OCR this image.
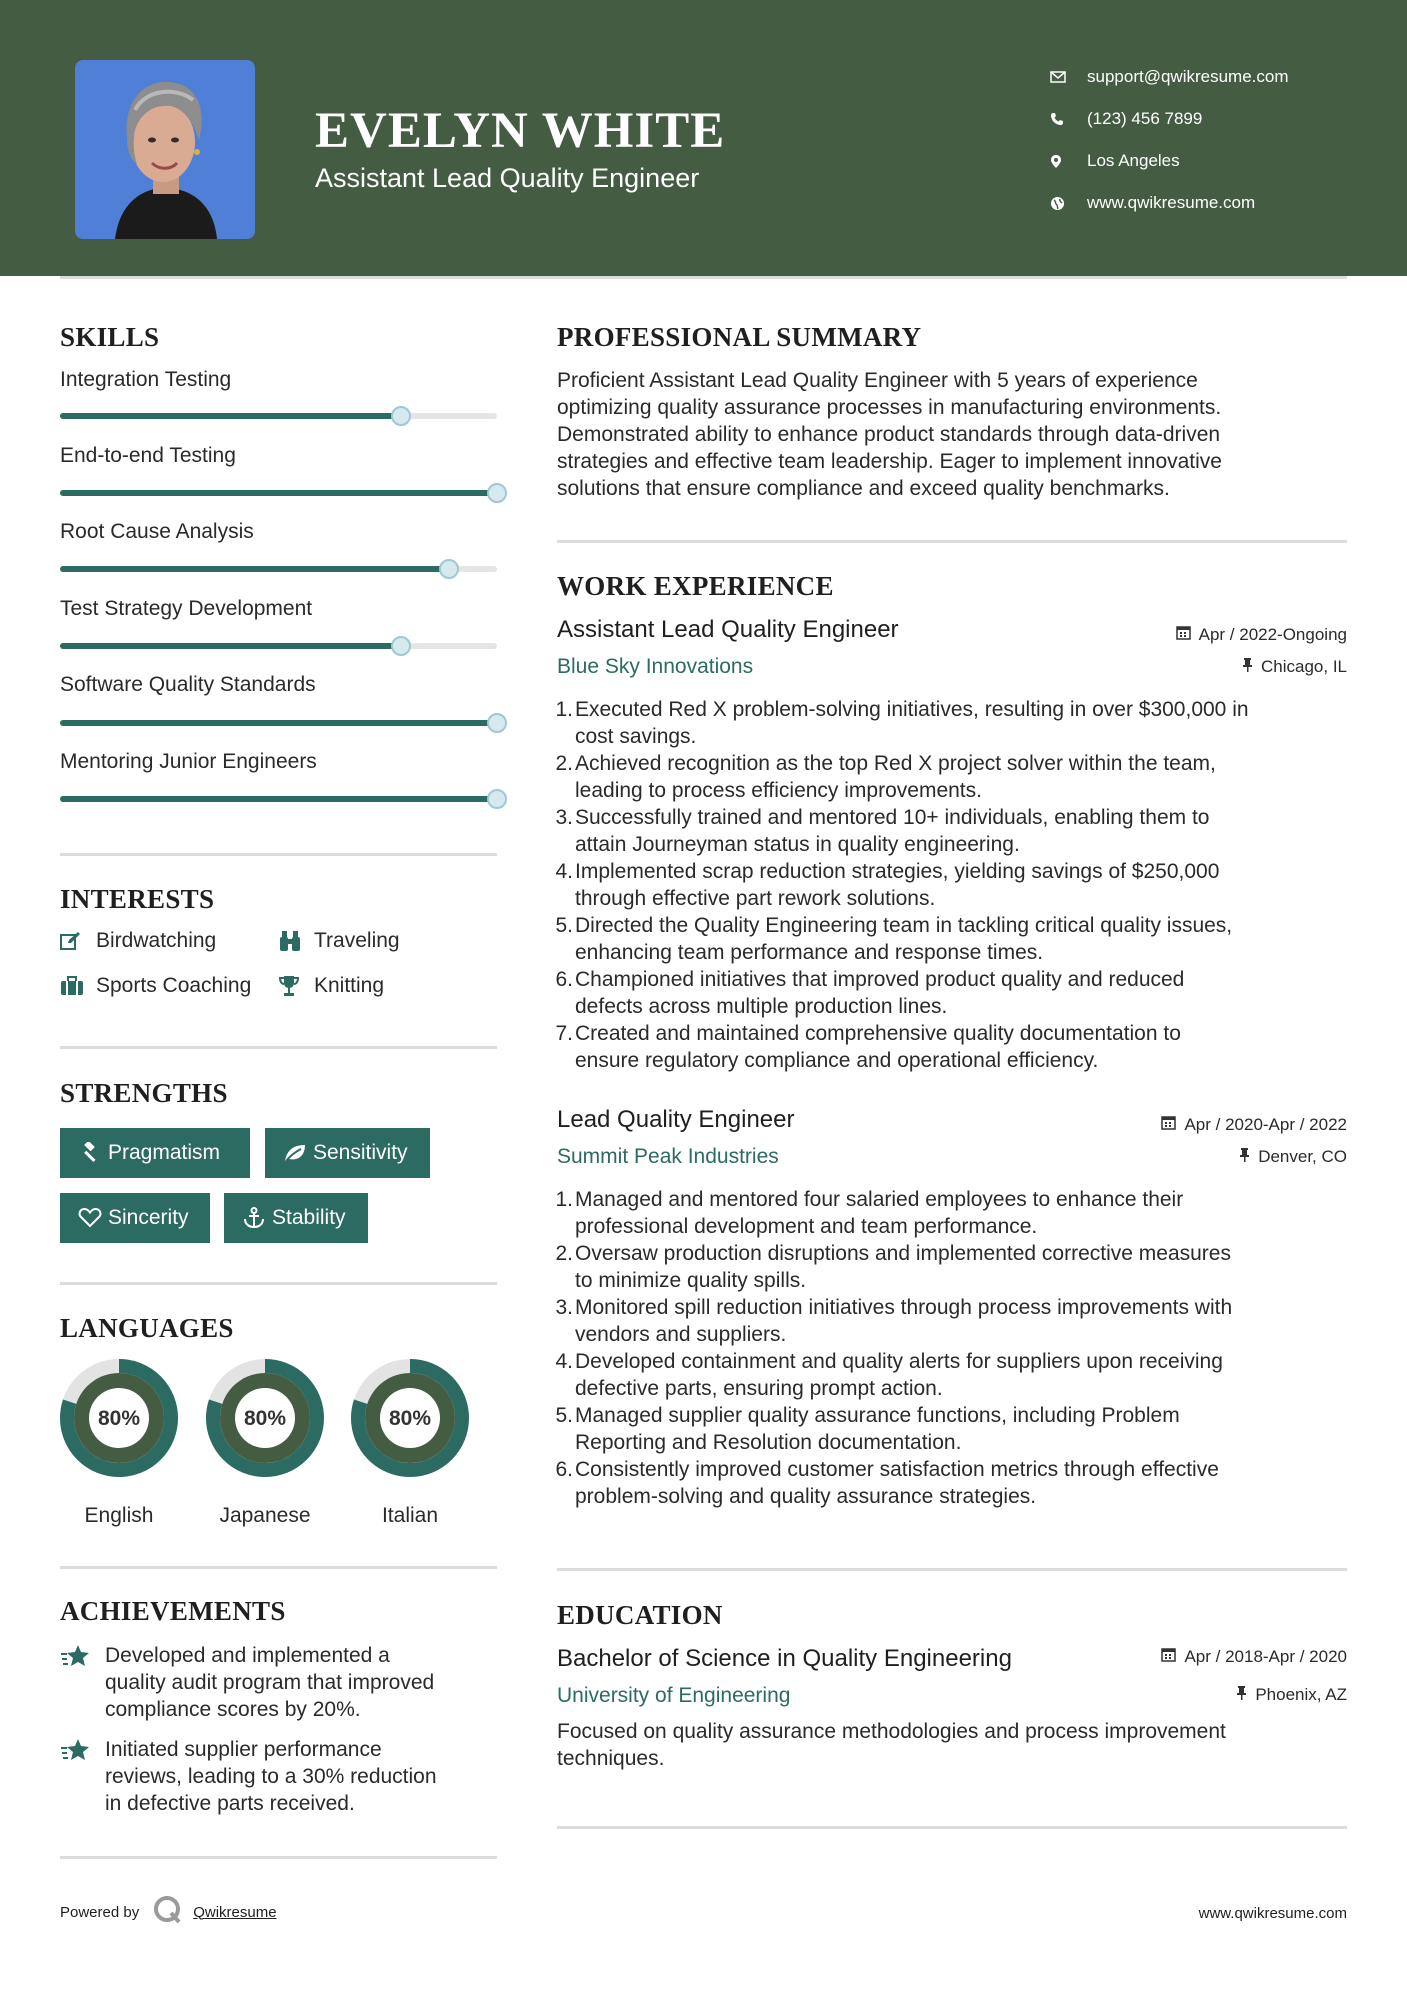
EVELYN WHITE
Assistant Lead Quality Engineer
support@qwikresume.com
(123) 456 7899
Los Angeles
www.qwikresume.com
SKILLS
Integration Testing
End-to-end Testing
Root Cause Analysis
Test Strategy Development
Software Quality Standards
Mentoring Junior Engineers
INTERESTS
Birdwatching	Traveling
Sports Coaching	Knitting
STRENGTHS
Pragmatism	Sensitivity
Sincerity	Stability
LANGUAGES
80%
English
80%
Japanese
80%
Italian
ACHIEVEMENTS
Developed and implemented a
quality audit program that improved
compliance scores by 20%.
Initiated supplier performance
reviews, leading to a 30% reduction
in defective parts received.
PROFESSIONAL SUMMARY
Proficient Assistant Lead Quality Engineer with 5 years of experience
optimizing quality assurance processes in manufacturing environments.
Demonstrated ability to enhance product standards through data-driven
strategies and effective team leadership. Eager to implement innovative
solutions that ensure compliance and exceed quality benchmarks.
WORK EXPERIENCE
Assistant Lead Quality Engineer
Blue Sky Innovations
Apr / 2022-Ongoing
Chicago, IL
1. Executed Red X problem-solving initiatives, resulting in over $300,000 in
cost savings.
2. Achieved recognition as the top Red X project solver within the team,
leading to process efficiency improvements.
3. Successfully trained and mentored 10+ individuals, enabling them to
attain Journeyman status in quality engineering.
4. Implemented scrap reduction strategies, yielding savings of $250,000
through effective part rework solutions.
5. Directed the Quality Engineering team in tackling critical quality issues,
enhancing team performance and response times.
6. Championed initiatives that improved product quality and reduced
defects across multiple production lines.
7. Created and maintained comprehensive quality documentation to
ensure regulatory compliance and operational efficiency.
Lead Quality Engineer
Summit Peak Industries
Apr / 2020-Apr / 2022
Denver, CO
1. Managed and mentored four salaried employees to enhance their
professional development and team performance.
2. Oversaw production disruptions and implemented corrective measures
to minimize quality spills.
3. Monitored spill reduction initiatives through process improvements with
vendors and suppliers.
4. Developed containment and quality alerts for suppliers upon receiving
defective parts, ensuring prompt action.
5. Managed supplier quality assurance functions, including Problem
Reporting and Resolution documentation.
6. Consistently improved customer satisfaction metrics through effective
problem-solving and quality assurance strategies.
EDUCATION
Bachelor of Science in Quality Engineering
University of Engineering
Apr / 2018-Apr / 2020
Phoenix, AZ
Focused on quality assurance methodologies and process improvement
techniques.
Powered by	Qwikresume	www.qwikresume.com
